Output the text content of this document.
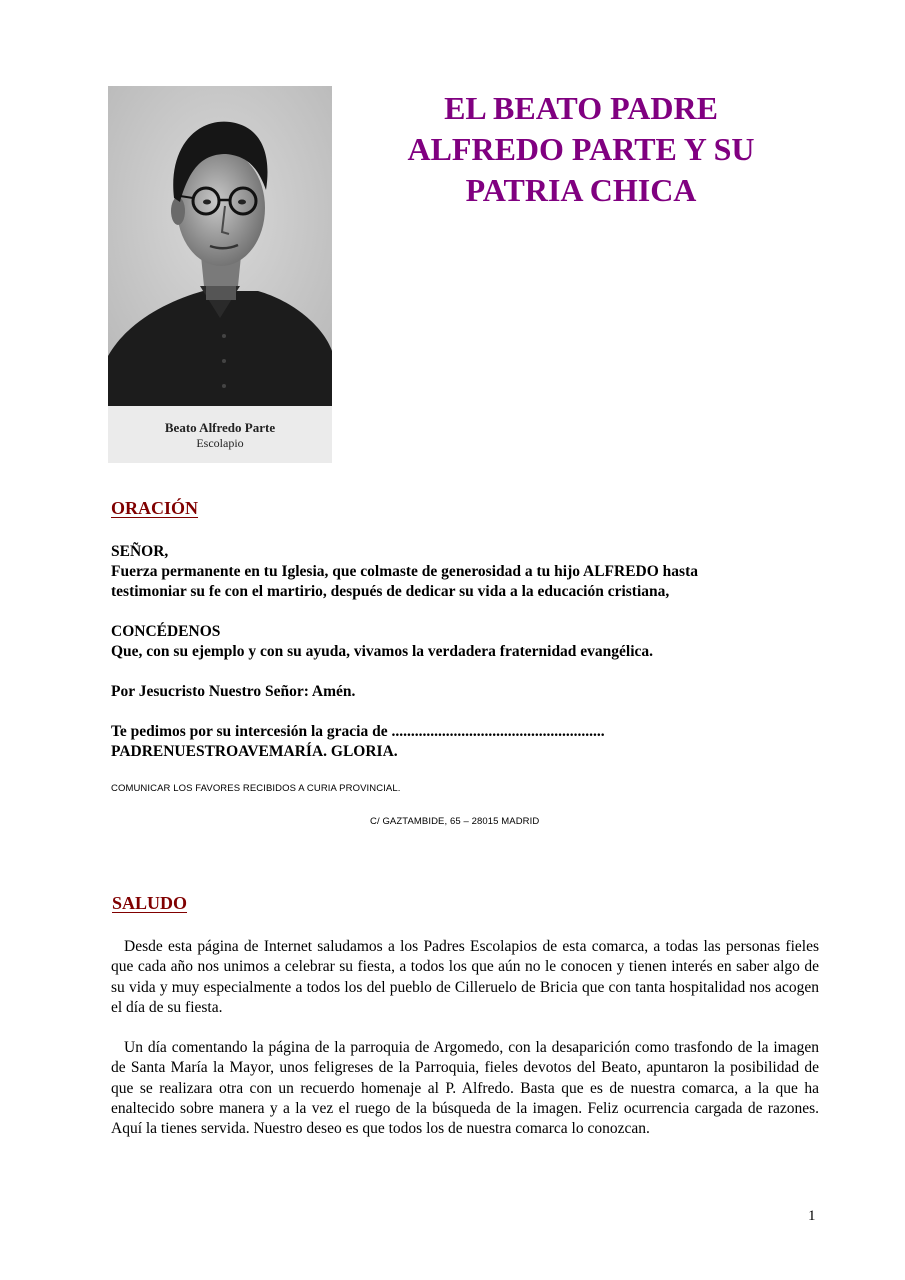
Beato Alfredo Parte
Escolapio
EL BEATO PADRE
ALFREDO PARTE Y SU
PATRIA CHICA
ORACIÓN

SEÑOR,

Fuerza permanente en tu Iglesia, que colmaste de generosidad a tu hijo ALFREDO hasta

testimoniar su fe con el martirio, después de dedicar su vida a la educación cristiana,

CONCÉDENOS

Que, con su ejemplo y con su ayuda, vivamos la verdadera fraternidad evangélica.

Por Jesucristo Nuestro Señor: Amén.

Te pedimos por su intercesión la gracia de .......................................................

PADRENUESTROAVEMARÍA. GLORIA.

COMUNICAR LOS FAVORES RECIBIDOS A CURIA PROVINCIAL.

C/ GAZTAMBIDE, 65 – 28015 MADRID

SALUDO

Desde esta página de Internet saludamos a los Padres Escolapios de esta comarca, a todas las personas fieles que cada año nos unimos a celebrar su fiesta, a todos los que aún no le conocen y tienen interés en saber algo de su vida y muy especialmente a todos los del pueblo de Cilleruelo de Bricia que con tanta hospitalidad nos acogen el día de su fiesta.

Un día comentando la página de la parroquia de Argomedo, con la desaparición como trasfondo de la imagen de Santa María la Mayor, unos feligreses de la Parroquia, fieles devotos del Beato, apuntaron la posibilidad de que se realizara otra con un recuerdo homenaje al P. Alfredo. Basta que es de nuestra comarca, a la que ha enaltecido sobre manera y a la vez el ruego de la búsqueda de la imagen. Feliz ocurrencia cargada de razones. Aquí la tienes servida. Nuestro deseo es que todos los de nuestra comarca lo conozcan.

1
